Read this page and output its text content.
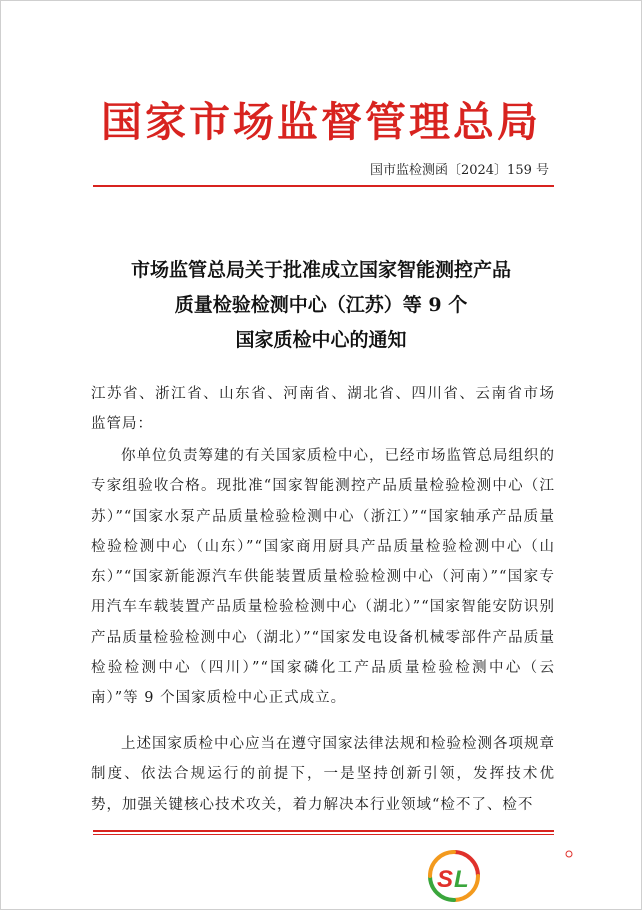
国家市场监督管理总局
国市监检测函〔2024〕159 号
市场监管总局关于批准成立国家智能测控产品
质量检验检测中心（江苏）等 9 个
国家质检中心的通知
江苏省、浙江省、山东省、河南省、湖北省、四川省、云南省市场监管局：
你单位负责筹建的有关国家质检中心，已经市场监管总局组织的专家组验收合格。现批准“国家智能测控产品质量检验检测中心（江苏）”“国家水泵产品质量检验检测中心（浙江）”“国家轴承产品质量检验检测中心（山东）”“国家商用厨具产品质量检验检测中心（山东）”“国家新能源汽车供能装置质量检验检测中心（河南）”“国家专用汽车车载装置产品质量检验检测中心（湖北）”“国家智能安防识别产品质量检验检测中心（湖北）”“国家发电设备机械零部件产品质量检验检测中心（四川）”“国家磷化工产品质量检验检测中心（云南）”等 9 个国家质检中心正式成立。
上述国家质检中心应当在遵守国家法律法规和检验检测各项规章制度、依法合规运行的前提下，一是坚持创新引领，发挥技术优势，加强关键核心技术攻关，着力解决本行业领域“检不了、检不
S L
